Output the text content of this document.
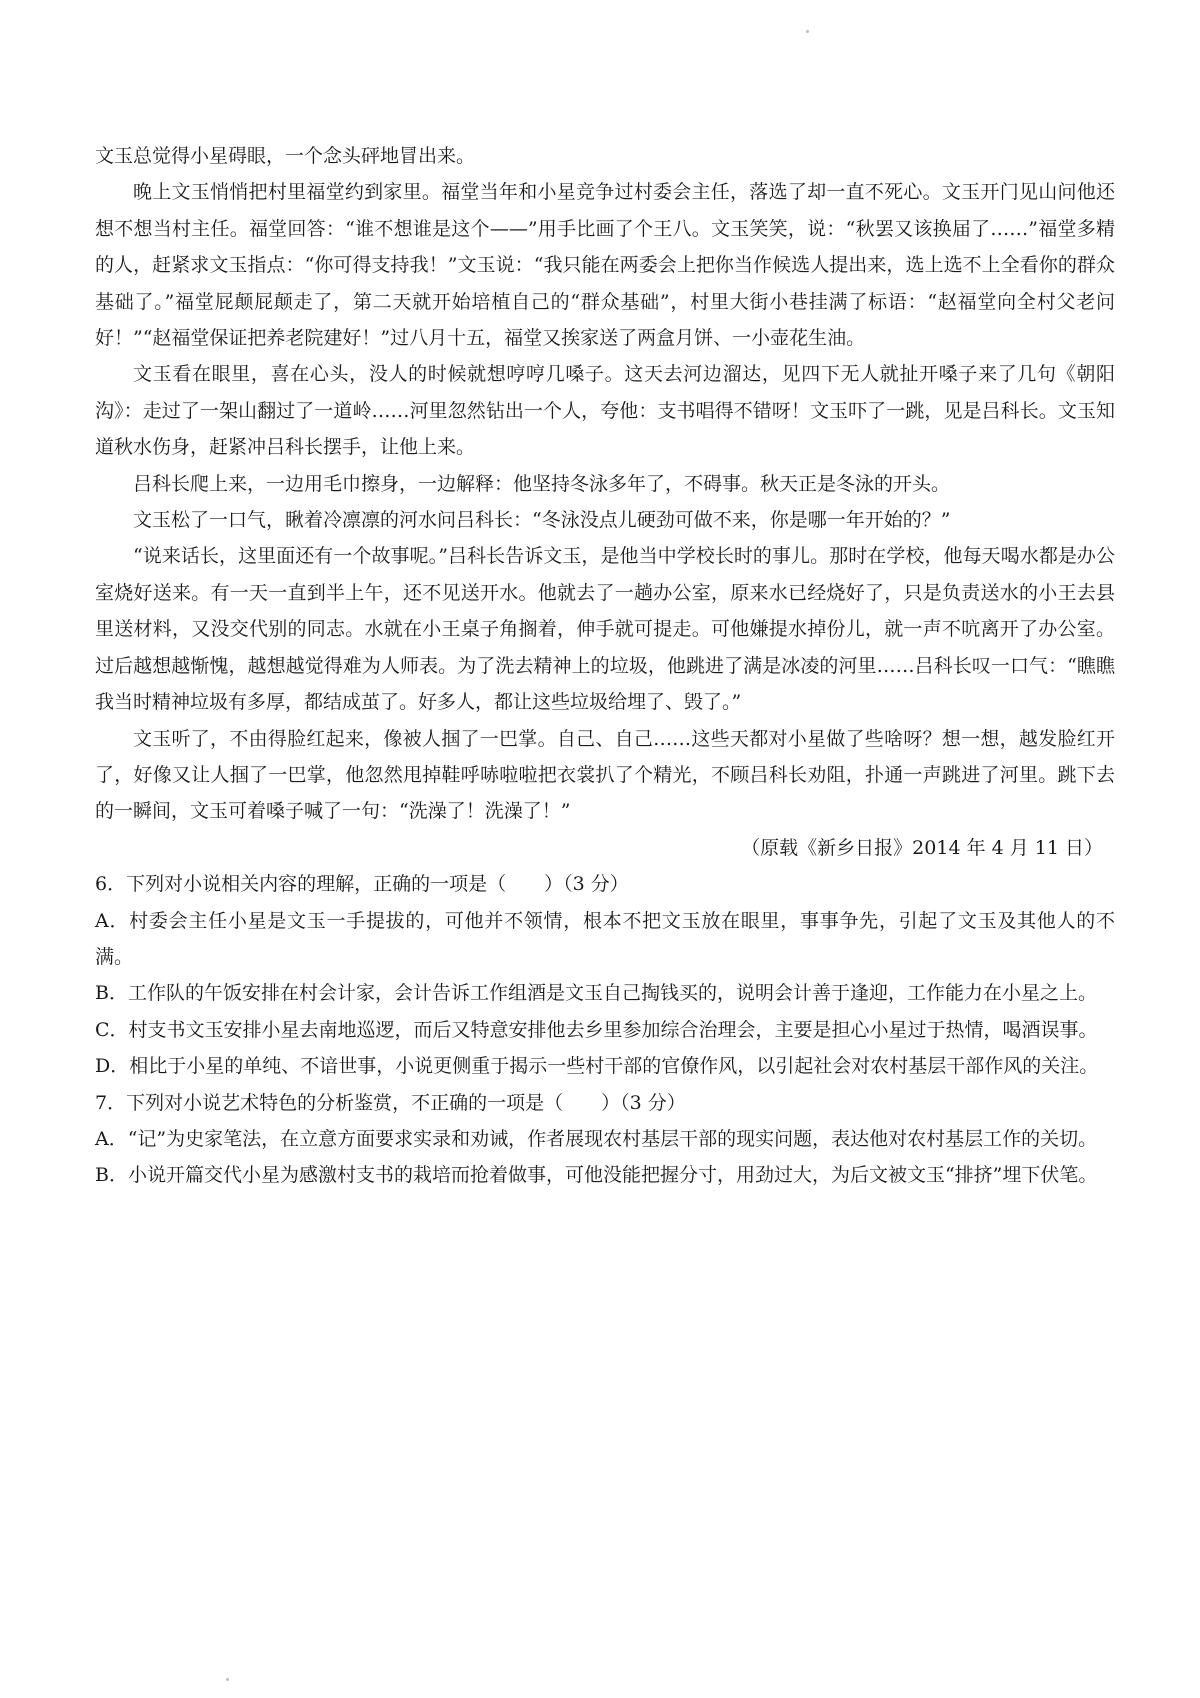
文玉总觉得小星碍眼，一个念头砰地冒出来。

晚上文玉悄悄把村里福堂约到家里。福堂当年和小星竞争过村委会主任，落选了却一直不死心。文玉开门见山问他还想不想当村主任。福堂回答：“谁不想谁是这个——”用手比画了个王八。文玉笑笑，说：“秋罢又该换届了……”福堂多精的人，赶紧求文玉指点：“你可得支持我！”文玉说：“我只能在两委会上把你当作候选人提出来，选上选不上全看你的群众基础了。”福堂屁颠屁颠走了，第二天就开始培植自己的“群众基础”，村里大街小巷挂满了标语：“赵福堂向全村父老问好！”“赵福堂保证把养老院建好！”过八月十五，福堂又挨家送了两盒月饼、一小壶花生油。

文玉看在眼里，喜在心头，没人的时候就想哼哼几嗓子。这天去河边溜达，见四下无人就扯开嗓子来了几句《朝阳沟》：走过了一架山翻过了一道岭……河里忽然钻出一个人，夸他：支书唱得不错呀！文玉吓了一跳，见是吕科长。文玉知道秋水伤身，赶紧冲吕科长摆手，让他上来。

吕科长爬上来，一边用毛巾擦身，一边解释：他坚持冬泳多年了，不碍事。秋天正是冬泳的开头。

文玉松了一口气，瞅着冷凛凛的河水问吕科长：“冬泳没点儿硬劲可做不来，你是哪一年开始的？”

“说来话长，这里面还有一个故事呢。”吕科长告诉文玉，是他当中学校长时的事儿。那时在学校，他每天喝水都是办公室烧好送来。有一天一直到半上午，还不见送开水。他就去了一趟办公室，原来水已经烧好了，只是负责送水的小王去县里送材料，又没交代别的同志。水就在小王桌子角搁着，伸手就可提走。可他嫌提水掉份儿，就一声不吭离开了办公室。过后越想越惭愧，越想越觉得难为人师表。为了洗去精神上的垃圾，他跳进了满是冰凌的河里……吕科长叹一口气：“瞧瞧我当时精神垃圾有多厚，都结成茧了。好多人，都让这些垃圾给埋了、毁了。”

文玉听了，不由得脸红起来，像被人掴了一巴掌。自己、自己……这些天都对小星做了些啥呀？想一想，越发脸红开了，好像又让人掴了一巴掌，他忽然甩掉鞋呼哧啦啦把衣裳扒了个精光，不顾吕科长劝阻，扑通一声跳进了河里。跳下去的一瞬间，文玉可着嗓子喊了一句：“洗澡了！洗澡了！”

（原载《新乡日报》2014 年 4 月 11 日）

6．下列对小说相关内容的理解，正确的一项是（　　）（3 分）

A．村委会主任小星是文玉一手提拔的，可他并不领情，根本不把文玉放在眼里，事事争先，引起了文玉及其他人的不满。

B．工作队的午饭安排在村会计家，会计告诉工作组酒是文玉自己掏钱买的，说明会计善于逢迎，工作能力在小星之上。

C．村支书文玉安排小星去南地巡逻，而后又特意安排他去乡里参加综合治理会，主要是担心小星过于热情，喝酒误事。

D．相比于小星的单纯、不谙世事，小说更侧重于揭示一些村干部的官僚作风，以引起社会对农村基层干部作风的关注。

7．下列对小说艺术特色的分析鉴赏，不正确的一项是（　　）（3 分）

A．“记”为史家笔法，在立意方面要求实录和劝诫，作者展现农村基层干部的现实问题，表达他对农村基层工作的关切。

B．小说开篇交代小星为感激村支书的栽培而抢着做事，可他没能把握分寸，用劲过大，为后文被文玉“排挤”埋下伏笔。
